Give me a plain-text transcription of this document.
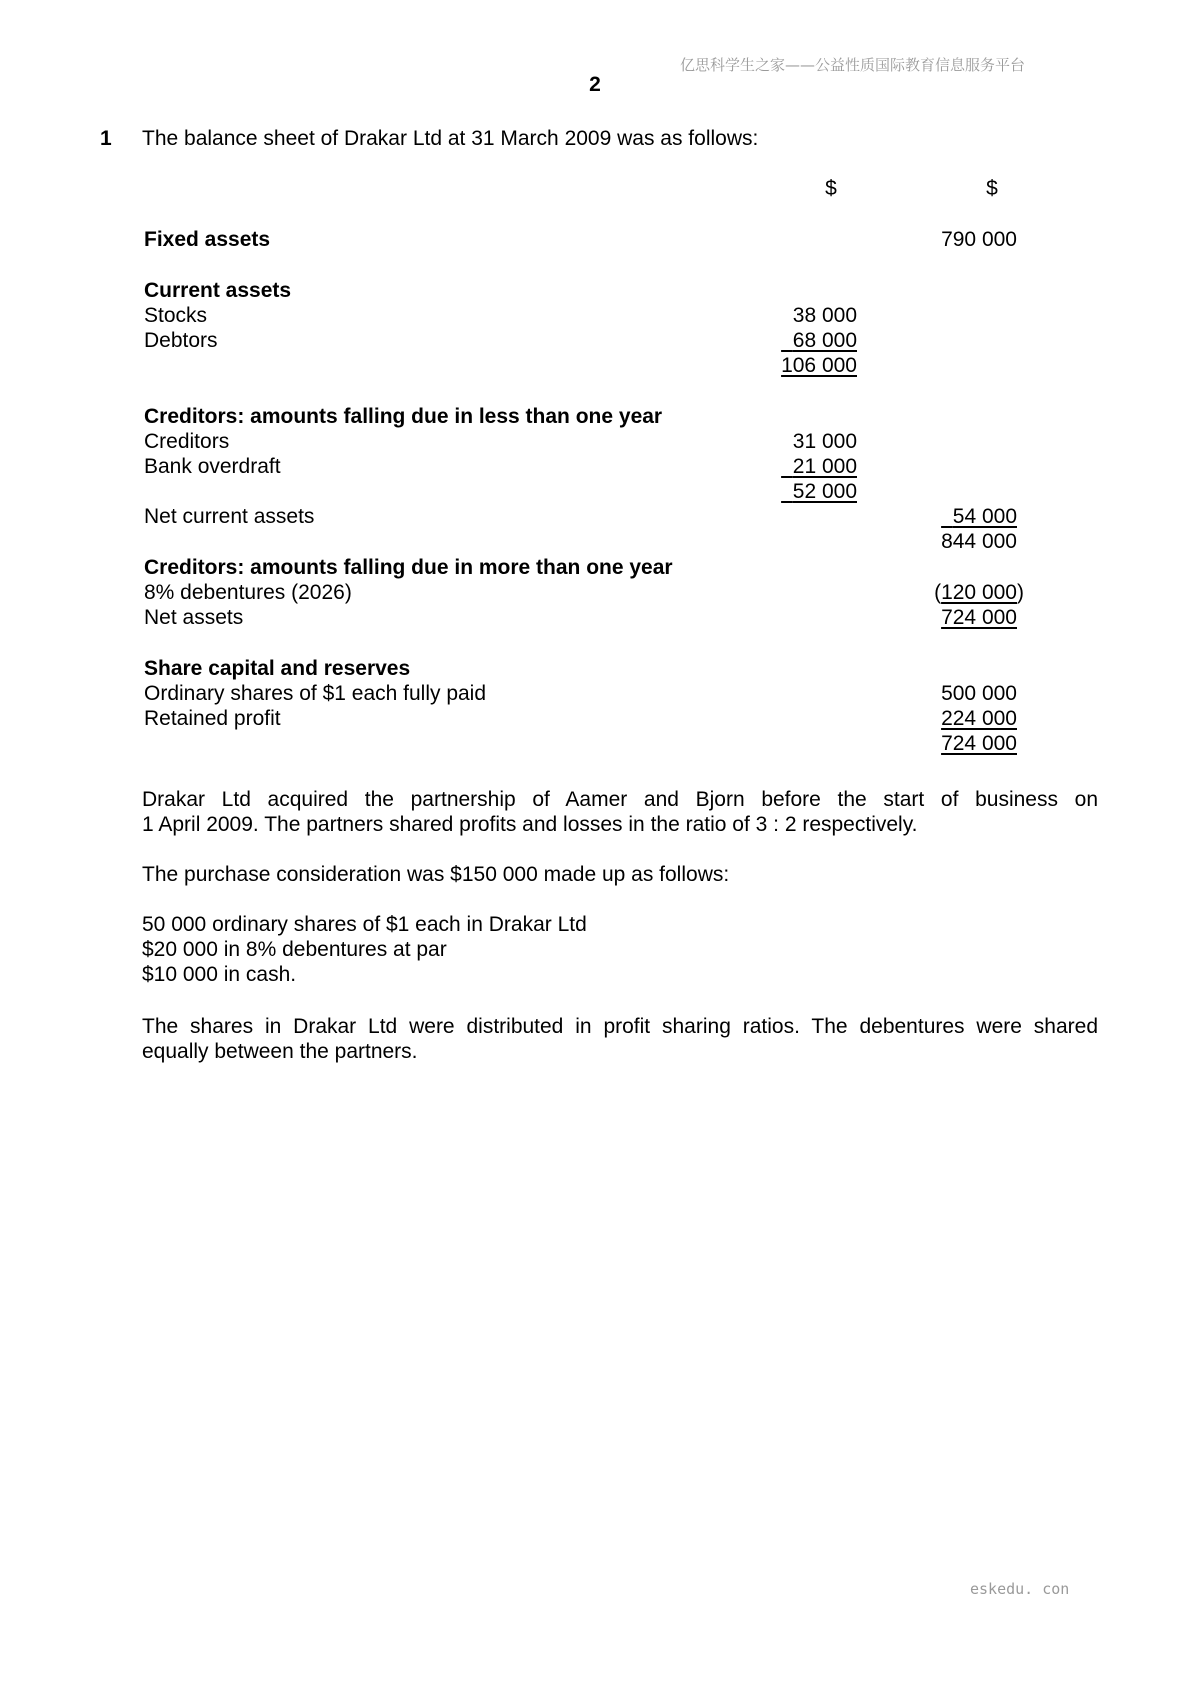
亿思科学生之家——公益性质国际教育信息服务平台
2
1 The balance sheet of Drakar Ltd at 31 March 2009 was as follows:
$	$
Fixed assets	790 000
Current assets
Stocks	38 000
Debtors	68 000
106 000
Creditors: amounts falling due in less than one year
Creditors	31 000
Bank overdraft	21 000
52 000
Net current assets	54 000
844 000
Creditors: amounts falling due in more than one year
8% debentures (2026)	(120 000)
Net assets	724 000
Share capital and reserves
Ordinary shares of $1 each fully paid	500 000
Retained profit	224 000
724 000
Drakar Ltd acquired the partnership of Aamer and Bjorn before the start of business on
1 April 2009. The partners shared profits and losses in the ratio of 3 : 2 respectively.
The purchase consideration was $150 000 made up as follows:
50 000 ordinary shares of $1 each in Drakar Ltd
$20 000 in 8% debentures at par
$10 000 in cash.
The shares in Drakar Ltd were distributed in profit sharing ratios. The debentures were shared
equally between the partners.
eskedu. con
